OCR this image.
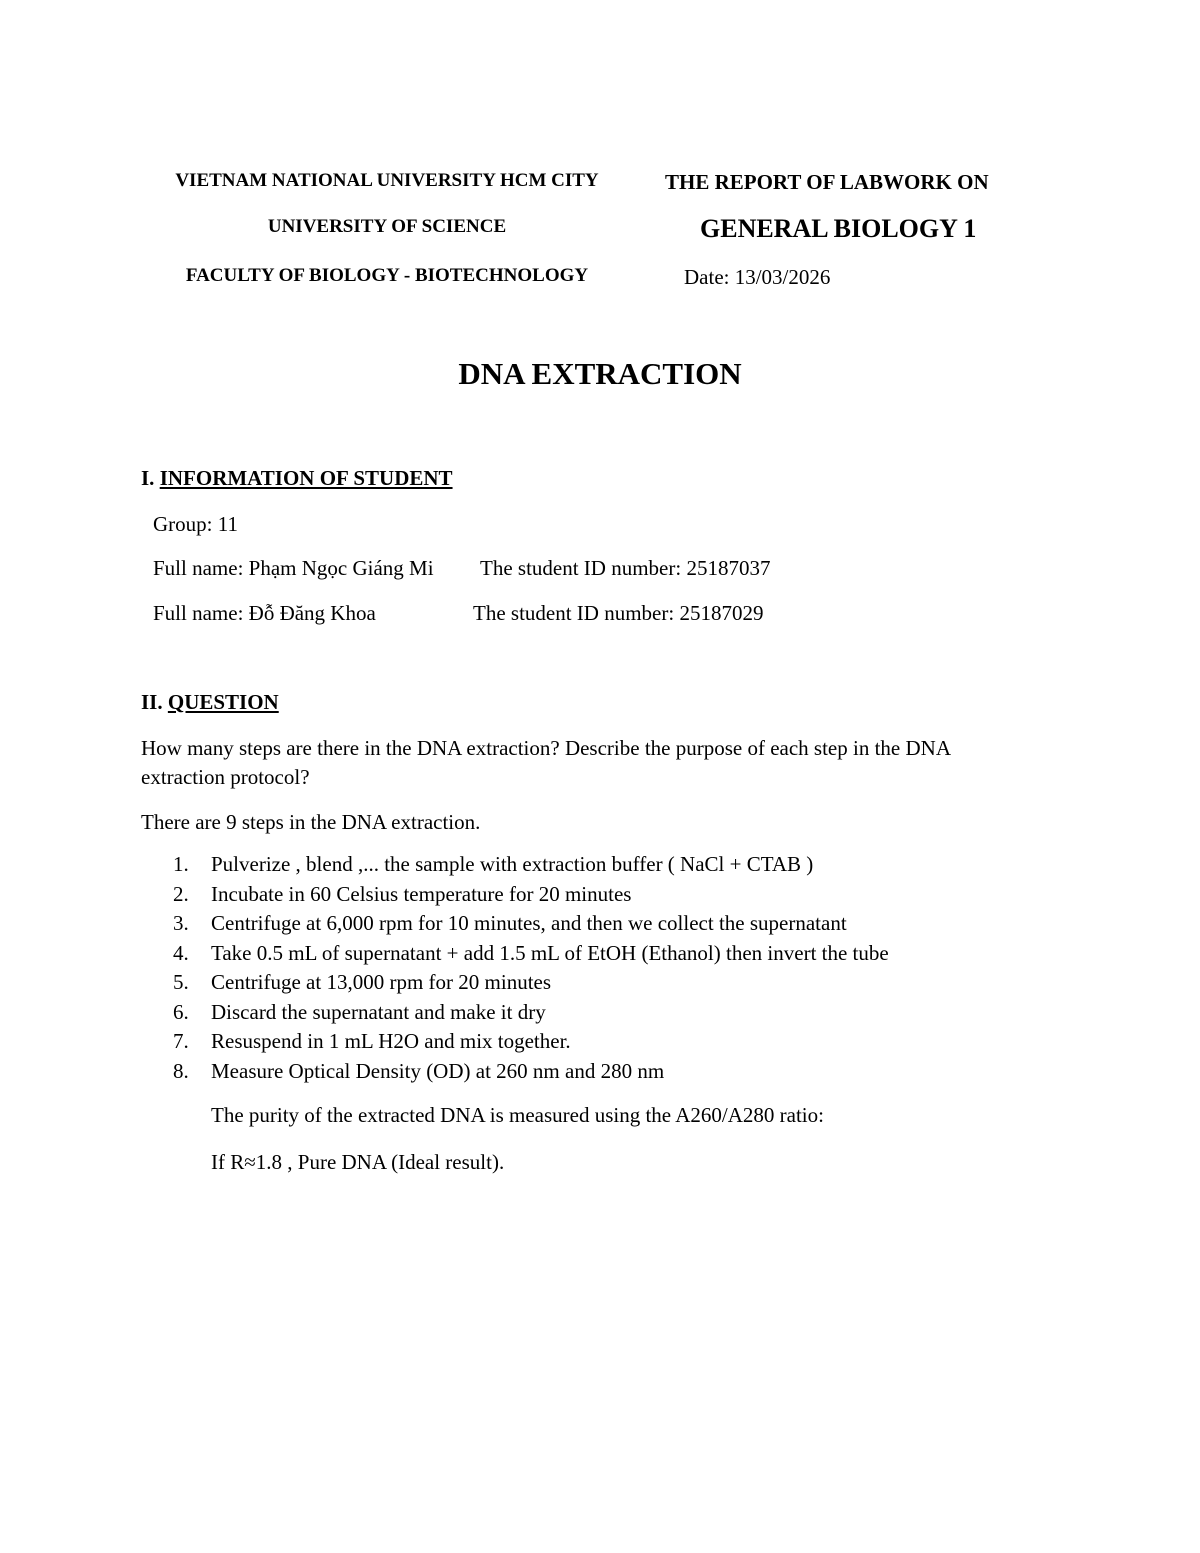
VIETNAM NATIONAL UNIVERSITY HCM CITY
UNIVERSITY OF SCIENCE
FACULTY OF BIOLOGY - BIOTECHNOLOGY
THE REPORT OF LABWORK ON
GENERAL BIOLOGY 1
Date: 13/03/2026
DNA EXTRACTION
I. INFORMATION OF STUDENT
Group: 11
Full name: Phạm Ngọc Giáng Mi The student ID number: 25187037
Full name: Đỗ Đăng Khoa	The student ID number: 25187029
II. QUESTION
How many steps are there in the DNA extraction? Describe the purpose of each step in the DNA
extraction protocol?
There are 9 steps in the DNA extraction.
1. Pulverize , blend ,... the sample with extraction buffer ( NaCl + CTAB )
2. Incubate in 60 Celsius temperature for 20 minutes
3. Centrifuge at 6,000 rpm for 10 minutes, and then we collect the supernatant
4. Take 0.5 mL of supernatant + add 1.5 mL of EtOH (Ethanol) then invert the tube
5. Centrifuge at 13,000 rpm for 20 minutes
6. Discard the supernatant and make it dry
7. Resuspend in 1 mL H2O and mix together.
8. Measure Optical Density (OD) at 260 nm and 280 nm
The purity of the extracted DNA is measured using the A260/A280 ratio:
If R≈1.8 , Pure DNA (Ideal result).
